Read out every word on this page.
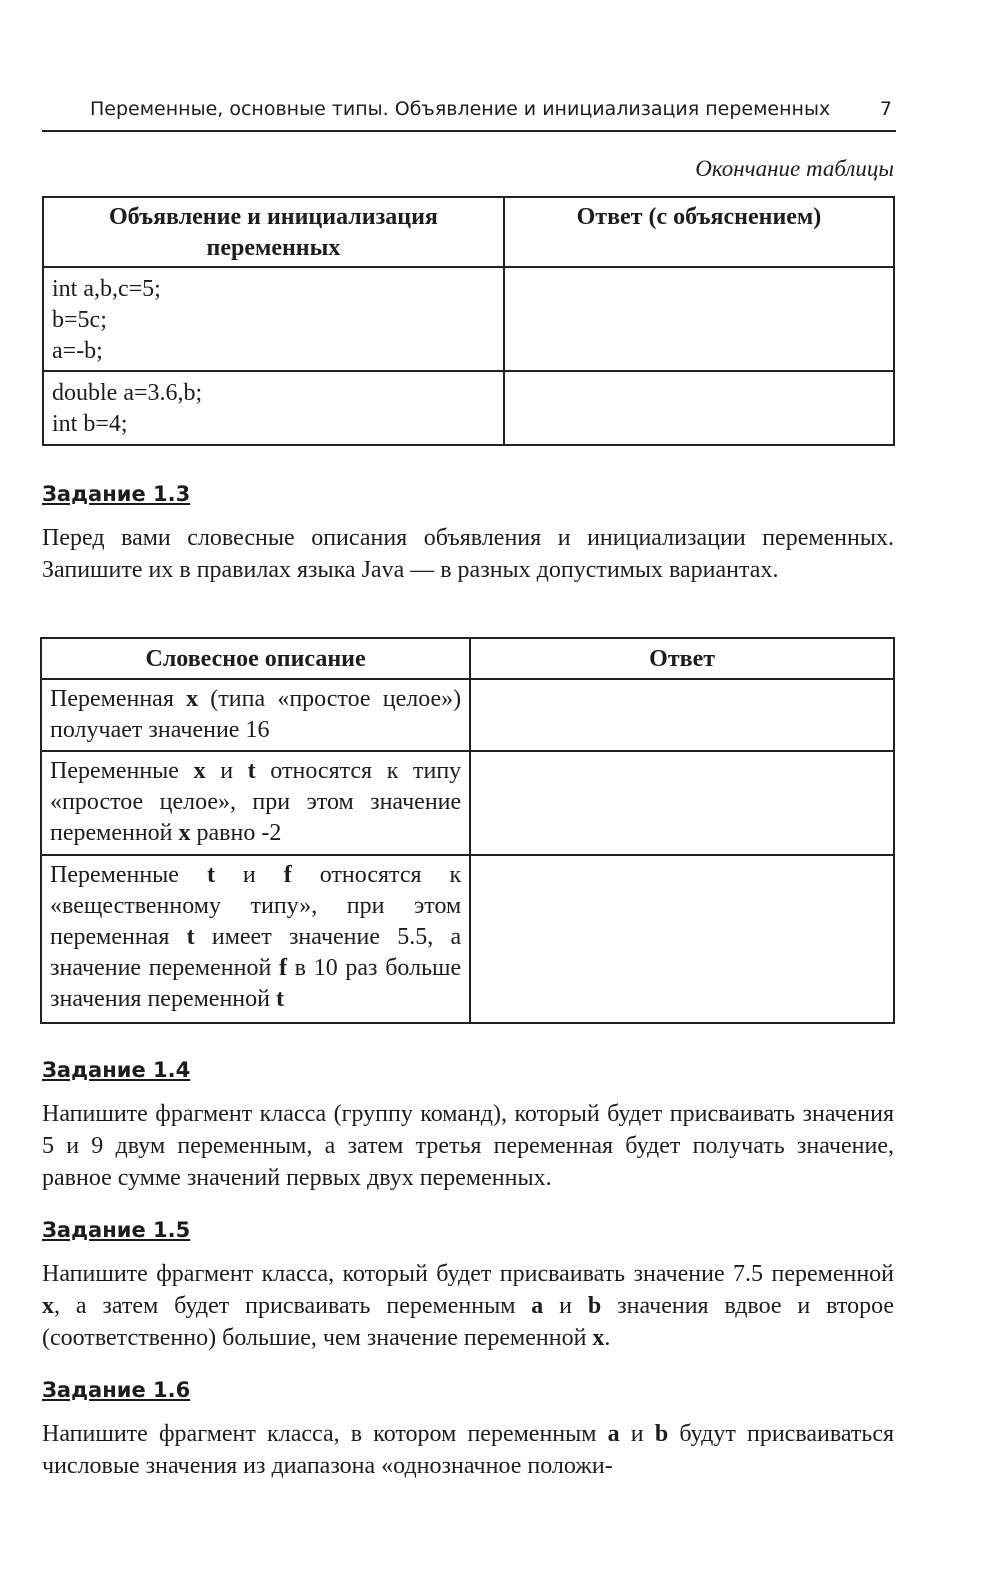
Переменные, основные типы. Объявление и инициализация переменных	7
Окончание таблицы
Объявление и инициализация переменных	Ответ (с объяснением)

int a,b,c=5;
b=5c;
a=-b;	

double a=3.6,b;
int b=4;	

Задание 1.3

Перед вами словесные описания объявления и инициализации переменных. Запишите их в правилах языка Java — в разных допустимых вариантах.

Словесное описание	Ответ

Переменная x (типа «простое целое») получает значение 16	

Переменные x и t относятся к типу «простое целое», при этом значение переменной x равно -2	

Переменные t и f относятся к «вещественному типу», при этом переменная t имеет значение 5.5, а значение переменной f в 10 раз больше значения переменной t	

Задание 1.4

Напишите фрагмент класса (группу команд), который будет присваивать значения 5 и 9 двум переменным, а затем третья переменная будет получать значение, равное сумме значений первых двух переменных.

Задание 1.5

Напишите фрагмент класса, который будет присваивать значение 7.5 переменной x, а затем будет присваивать переменным a и b значения вдвое и второе (соответственно) большие, чем значение переменной x.

Задание 1.6

Напишите фрагмент класса, в котором переменным a и b будут присваиваться числовые значения из диапазона «однозначное положи-
